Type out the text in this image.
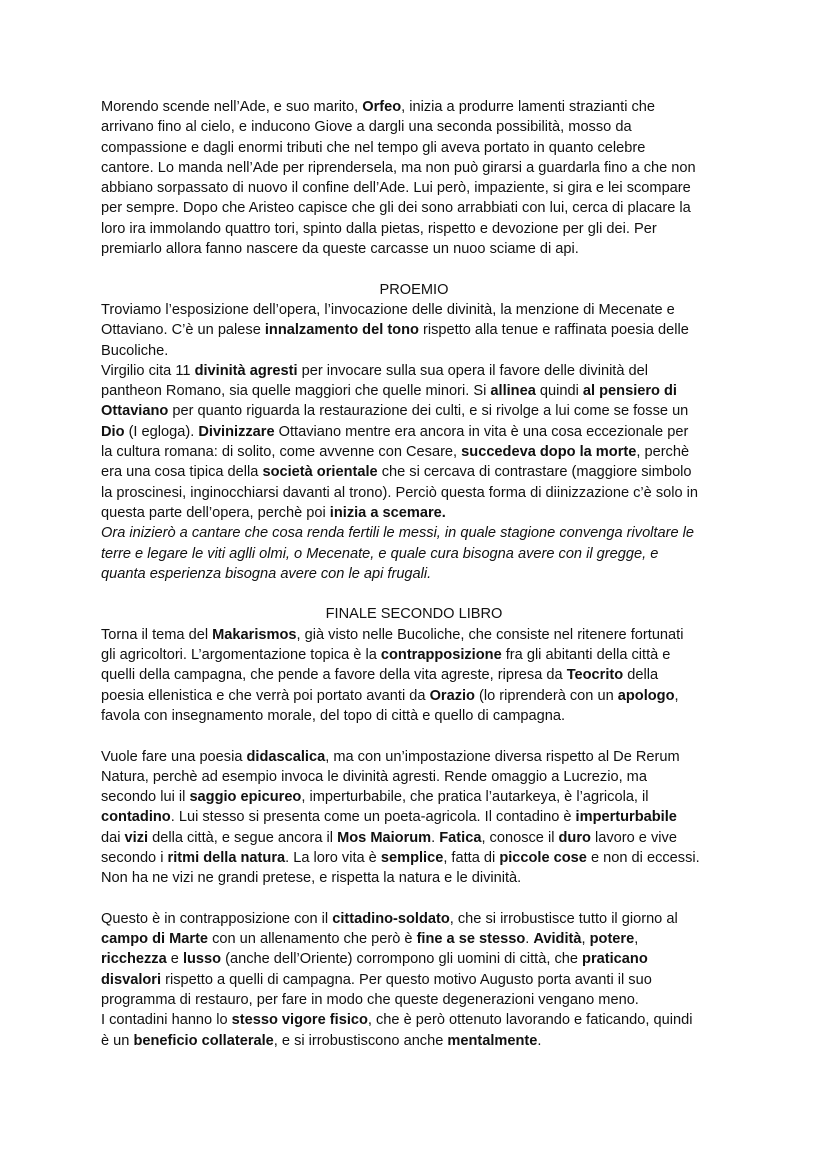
Morendo scende nell’Ade, e suo marito, Orfeo, inizia a produrre lamenti strazianti che
arrivano fino al cielo, e inducono Giove a dargli una seconda possibilità, mosso da
compassione e dagli enormi tributi che nel tempo gli aveva portato in quanto celebre
cantore. Lo manda nell’Ade per riprendersela, ma non può girarsi a guardarla fino a che non
abbiano sorpassato di nuovo il confine dell’Ade. Lui però, impaziente, si gira e lei scompare
per sempre. Dopo che Aristeo capisce che gli dei sono arrabbiati con lui, cerca di placare la
loro ira immolando quattro tori, spinto dalla pietas, rispetto e devozione per gli dei. Per
premiarlo allora fanno nascere da queste carcasse un nuoo sciame di api.
PROEMIO
Troviamo l’esposizione dell’opera, l’invocazione delle divinità, la menzione di Mecenate e
Ottaviano. C’è un palese innalzamento del tono rispetto alla tenue e raffinata poesia delle
Bucoliche.
Virgilio cita 11 divinità agresti per invocare sulla sua opera il favore delle divinità del
pantheon Romano, sia quelle maggiori che quelle minori. Si allinea quindi al pensiero di
Ottaviano per quanto riguarda la restaurazione dei culti, e si rivolge a lui come se fosse un
Dio (I egloga). Divinizzare Ottaviano mentre era ancora in vita è una cosa eccezionale per
la cultura romana: di solito, come avvenne con Cesare, succedeva dopo la morte, perchè
era una cosa tipica della società orientale che si cercava di contrastare (maggiore simbolo
la proscinesi, inginocchiarsi davanti al trono). Perciò questa forma di diinizzazione c’è solo in
questa parte dell’opera, perchè poi inizia a scemare.
Ora inizierò a cantare che cosa renda fertili le messi, in quale stagione convenga rivoltare le
terre e legare le viti aglli olmi, o Mecenate, e quale cura bisogna avere con il gregge, e
quanta esperienza bisogna avere con le api frugali.
FINALE SECONDO LIBRO
Torna il tema del Makarismos, già visto nelle Bucoliche, che consiste nel ritenere fortunati
gli agricoltori. L’argomentazione topica è la contrapposizione fra gli abitanti della città e
quelli della campagna, che pende a favore della vita agreste, ripresa da Teocrito della
poesia ellenistica e che verrà poi portato avanti da Orazio (lo riprenderà con un apologo,
favola con insegnamento morale, del topo di città e quello di campagna.
Vuole fare una poesia didascalica, ma con un’impostazione diversa rispetto al De Rerum
Natura, perchè ad esempio invoca le divinità agresti. Rende omaggio a Lucrezio, ma
secondo lui il saggio epicureo, imperturbabile, che pratica l’autarkeya, è l’agricola, il
contadino. Lui stesso si presenta come un poeta-agricola. Il contadino è imperturbabile
dai vizi della città, e segue ancora il Mos Maiorum. Fatica, conosce il duro lavoro e vive
secondo i ritmi della natura. La loro vita è semplice, fatta di piccole cose e non di eccessi.
Non ha ne vizi ne grandi pretese, e rispetta la natura e le divinità.
Questo è in contrapposizione con il cittadino-soldato, che si irrobustisce tutto il giorno al
campo di Marte con un allenamento che però è fine a se stesso. Avidità, potere,
ricchezza e lusso (anche dell’Oriente) corrompono gli uomini di città, che praticano
disvalori rispetto a quelli di campagna. Per questo motivo Augusto porta avanti il suo
programma di restauro, per fare in modo che queste degenerazioni vengano meno.
I contadini hanno lo stesso vigore fisico, che è però ottenuto lavorando e faticando, quindi
è un beneficio collaterale, e si irrobustiscono anche mentalmente.
